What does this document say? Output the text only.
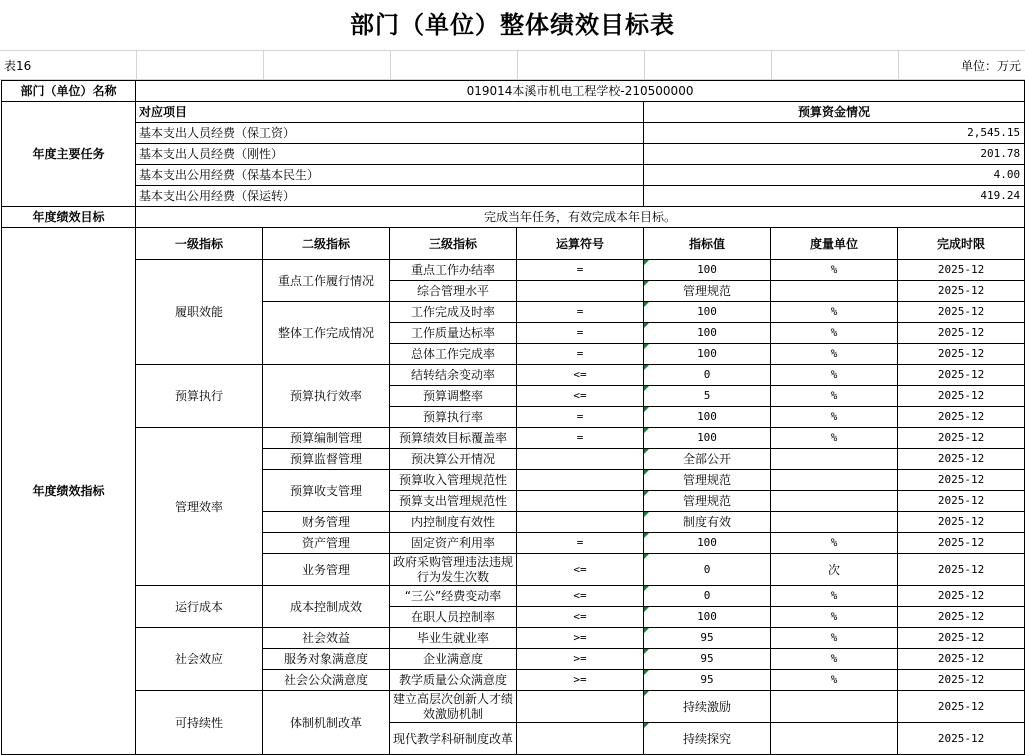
部门（单位）整体绩效目标表
表16	单位：万元
部门（单位）名称	019014本溪市机电工程学校-210500000						
年度主要任务	对应项目				预算资金情况		
	基本支出人员经费（保工资）				2,545.15		
	基本支出人员经费（刚性）				201.78		
	基本支出公用经费（保基本民生）				4.00		
	基本支出公用经费（保运转）				419.24		
年度绩效目标	完成当年任务，有效完成本年目标。						
年度绩效指标	一级指标	二级指标	三级指标	运算符号	指标值	度量单位	完成时限
	履职效能	重点工作履行情况	重点工作办结率	=	100	%	2025-12
			综合管理水平		管理规范		2025-12
		整体工作完成情况	工作完成及时率	=	100	%	2025-12
			工作质量达标率	=	100	%	2025-12
			总体工作完成率	=	100	%	2025-12
	预算执行	预算执行效率	结转结余变动率	<=	0	%	2025-12
			预算调整率	<=	5	%	2025-12
			预算执行率	=	100	%	2025-12
	管理效率	预算编制管理	预算绩效目标覆盖率	=	100	%	2025-12
		预算监督管理	预决算公开情况		全部公开		2025-12
		预算收支管理	预算收入管理规范性		管理规范		2025-12
			预算支出管理规范性		管理规范		2025-12
		财务管理	内控制度有效性		制度有效		2025-12
		资产管理	固定资产利用率	=	100	%	2025-12
		业务管理	政府采购管理违法违规行为发生次数	<=	0	次	2025-12
	运行成本	成本控制成效	“三公”经费变动率	<=	0	%	2025-12
			在职人员控制率	<=	100	%	2025-12
	社会效应	社会效益	毕业生就业率	>=	95	%	2025-12
		服务对象满意度	企业满意度	>=	95	%	2025-12
		社会公众满意度	教学质量公众满意度	>=	95	%	2025-12
	可持续性	体制机制改革	建立高层次创新人才绩效激励机制		持续激励		2025-12
			现代教学科研制度改革		持续探究		2025-12
